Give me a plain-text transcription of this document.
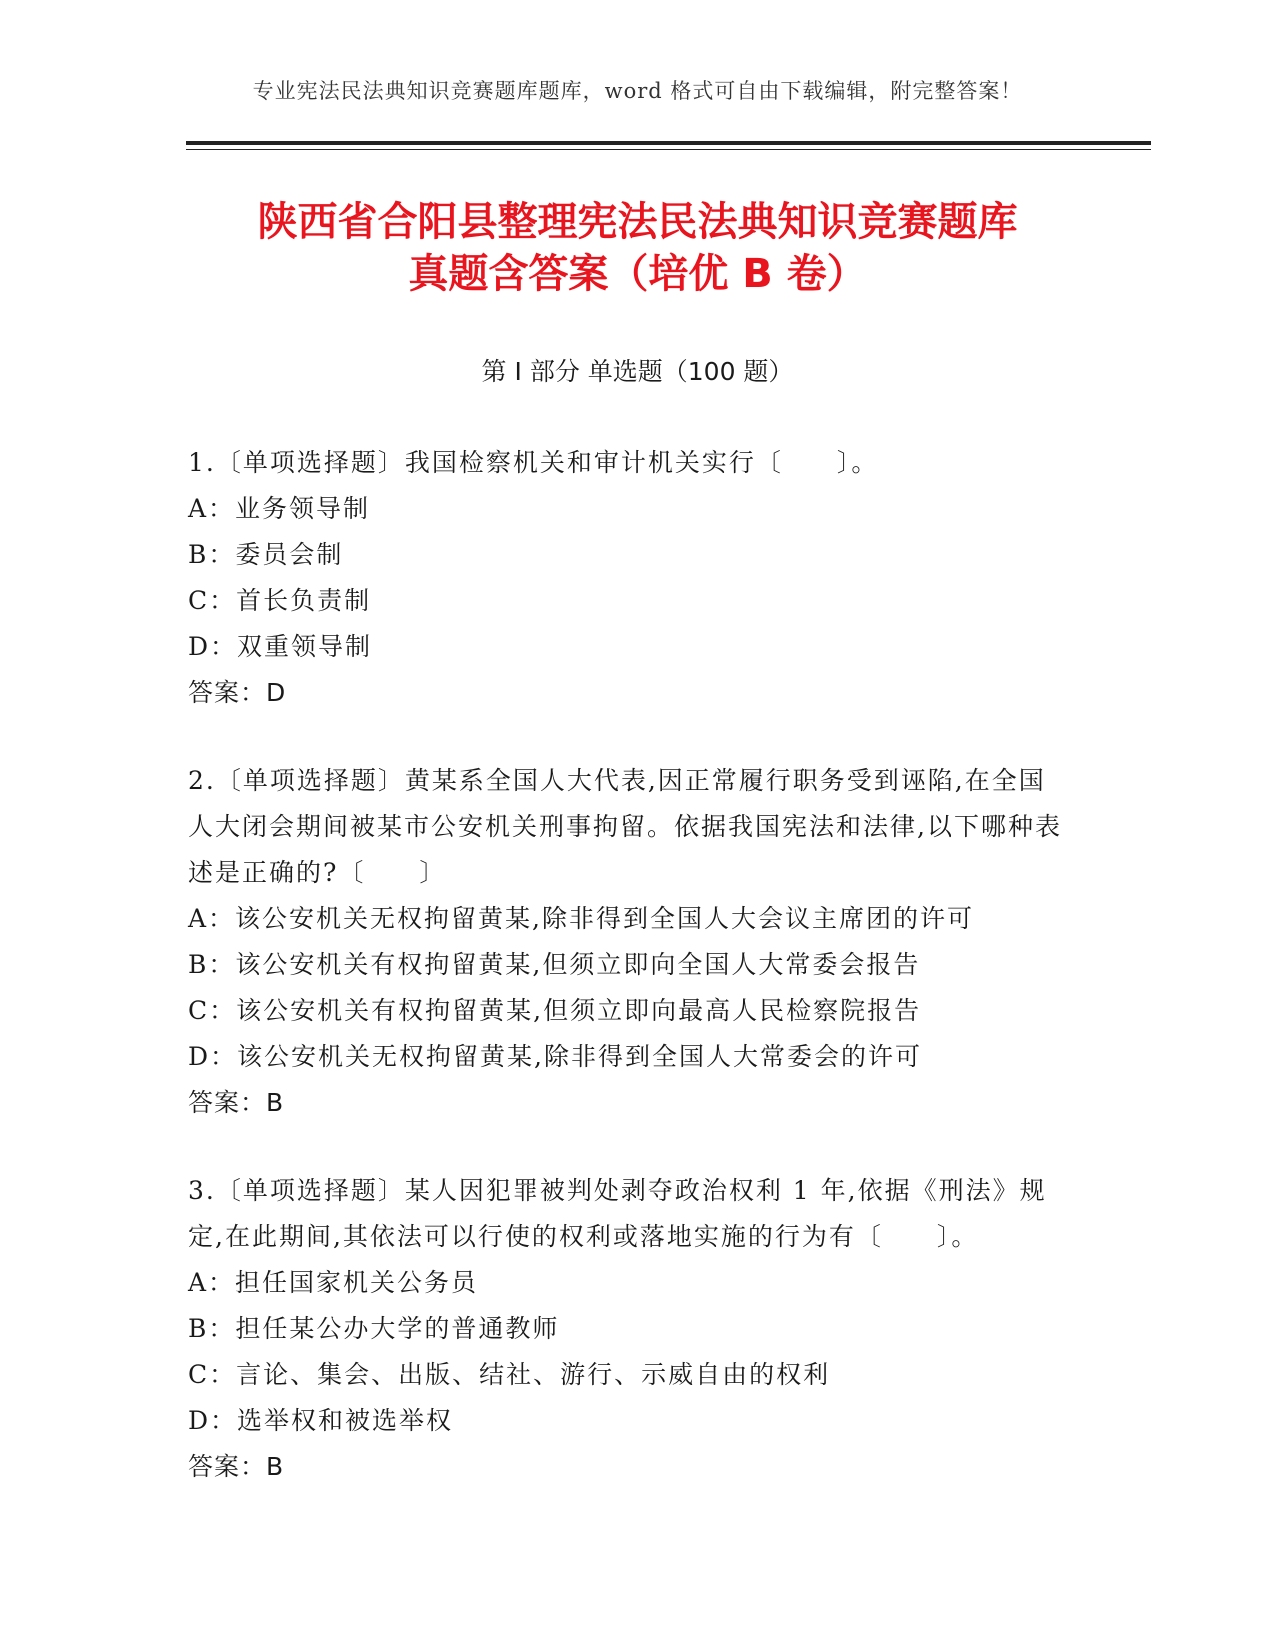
专业宪法民法典知识竞赛题库题库，word 格式可自由下载编辑，附完整答案！
陕西省合阳县整理宪法民法典知识竞赛题库
真题含答案（培优 B 卷）
第 I 部分 单选题（100 题）
1.〔单项选择题〕我国检察机关和审计机关实行〔　　〕。
A：业务领导制
B：委员会制
C：首长负责制
D：双重领导制
答案：D
2.〔单项选择题〕黄某系全国人大代表,因正常履行职务受到诬陷,在全国人大闭会期间被某市公安机关刑事拘留。依据我国宪法和法律,以下哪种表述是正确的?〔　　〕
A：该公安机关无权拘留黄某,除非得到全国人大会议主席团的许可
B：该公安机关有权拘留黄某,但须立即向全国人大常委会报告
C：该公安机关有权拘留黄某,但须立即向最高人民检察院报告
D：该公安机关无权拘留黄某,除非得到全国人大常委会的许可
答案：B
3.〔单项选择题〕某人因犯罪被判处剥夺政治权利 1 年,依据《刑法》规定,在此期间,其依法可以行使的权利或落地实施的行为有〔　　〕。
A：担任国家机关公务员
B：担任某公办大学的普通教师
C：言论、集会、出版、结社、游行、示威自由的权利
D：选举权和被选举权
答案：B
